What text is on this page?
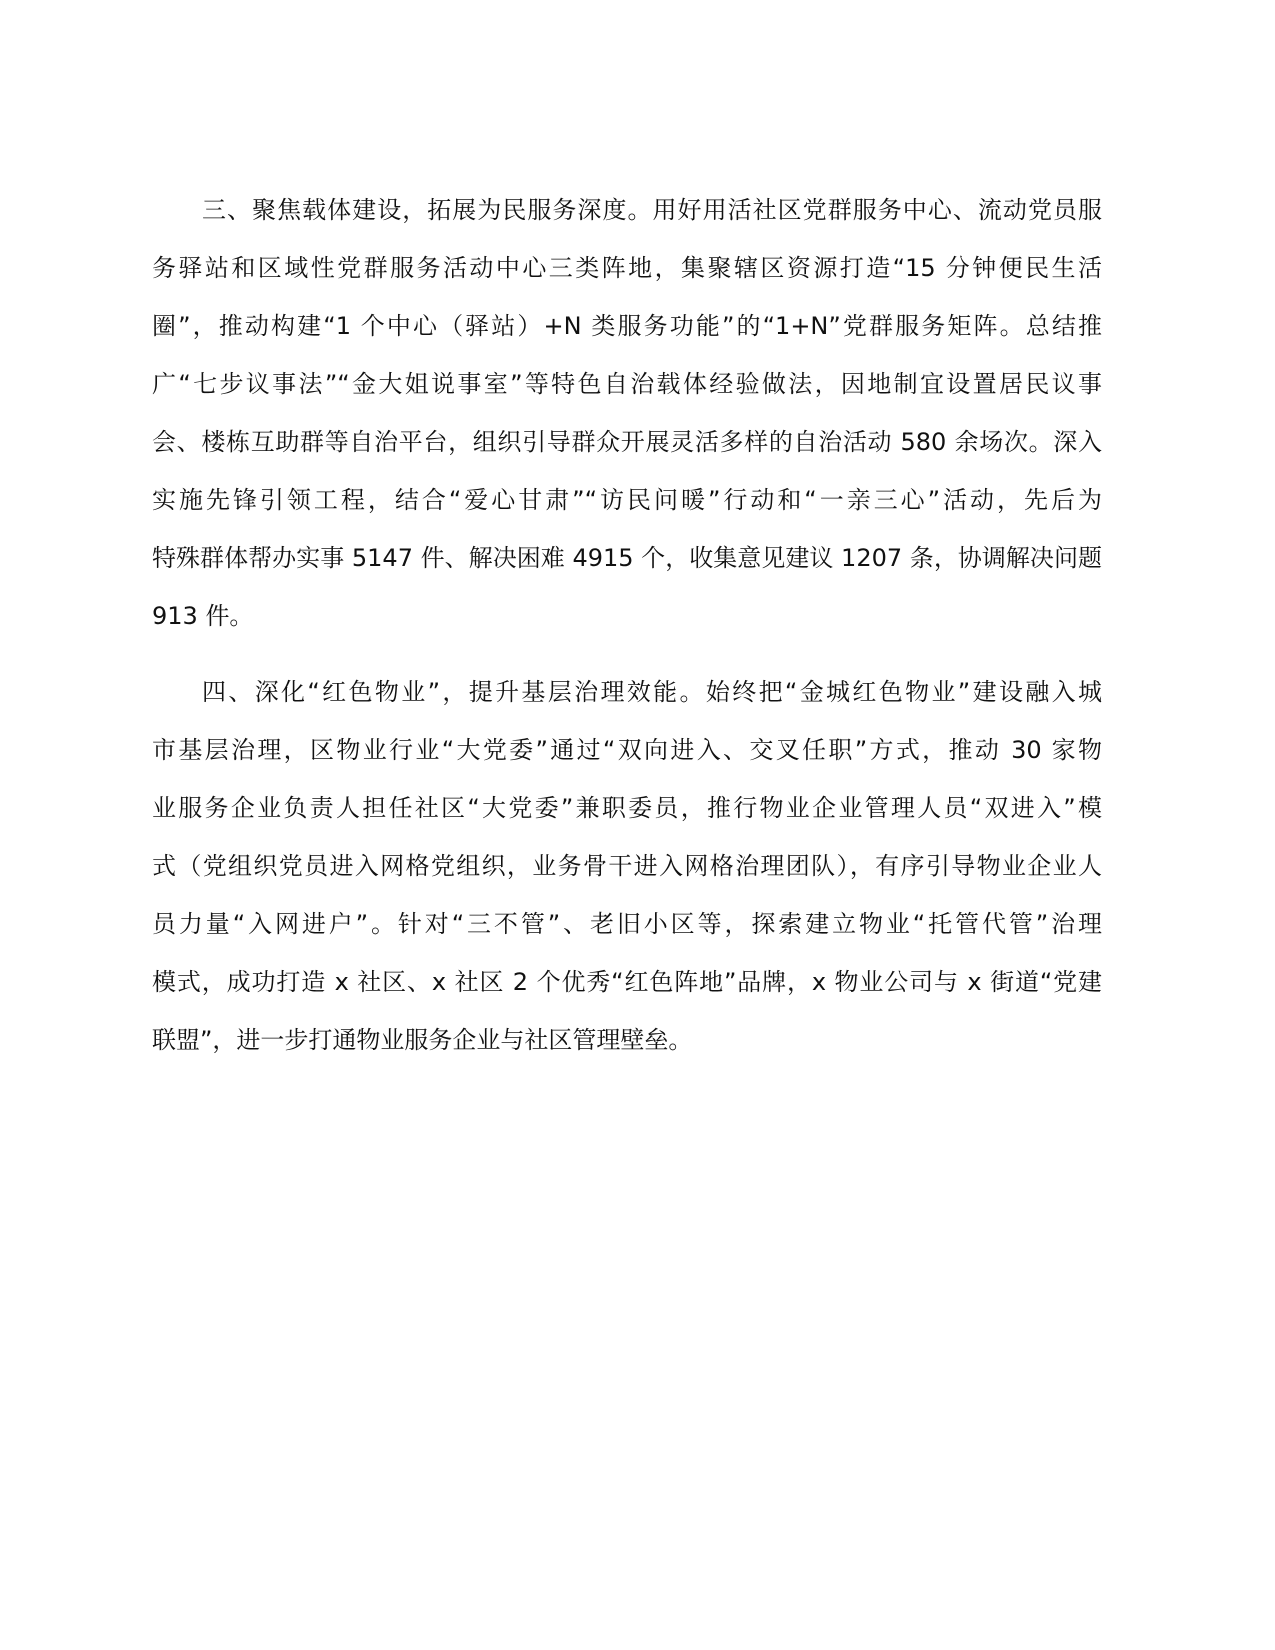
三、聚焦载体建设，拓展为民服务深度。用好用活社区党群服务中心、流动党员服
务驿站和区域性党群服务活动中心三类阵地，集聚辖区资源打造“15 分钟便民生活
圈”，推动构建“1 个中心（驿站）+N 类服务功能”的“1+N”党群服务矩阵。总结推
广“七步议事法”“金大姐说事室”等特色自治载体经验做法，因地制宜设置居民议事
会、楼栋互助群等自治平台，组织引导群众开展灵活多样的自治活动 580 余场次。深入
实施先锋引领工程，结合“爱心甘肃”“访民问暖”行动和“一亲三心”活动，先后为
特殊群体帮办实事 5147 件、解决困难 4915 个，收集意见建议 1207 条，协调解决问题
913 件。
四、深化“红色物业”，提升基层治理效能。始终把“金城红色物业”建设融入城
市基层治理，区物业行业“大党委”通过“双向进入、交叉任职”方式，推动 30 家物
业服务企业负责人担任社区“大党委”兼职委员，推行物业企业管理人员“双进入”模
式（党组织党员进入网格党组织，业务骨干进入网格治理团队），有序引导物业企业人
员力量“入网进户”。针对“三不管”、老旧小区等，探索建立物业“托管代管”治理
模式，成功打造 x 社区、x 社区 2 个优秀“红色阵地”品牌，x 物业公司与 x 街道“党建
联盟”，进一步打通物业服务企业与社区管理壁垒。
